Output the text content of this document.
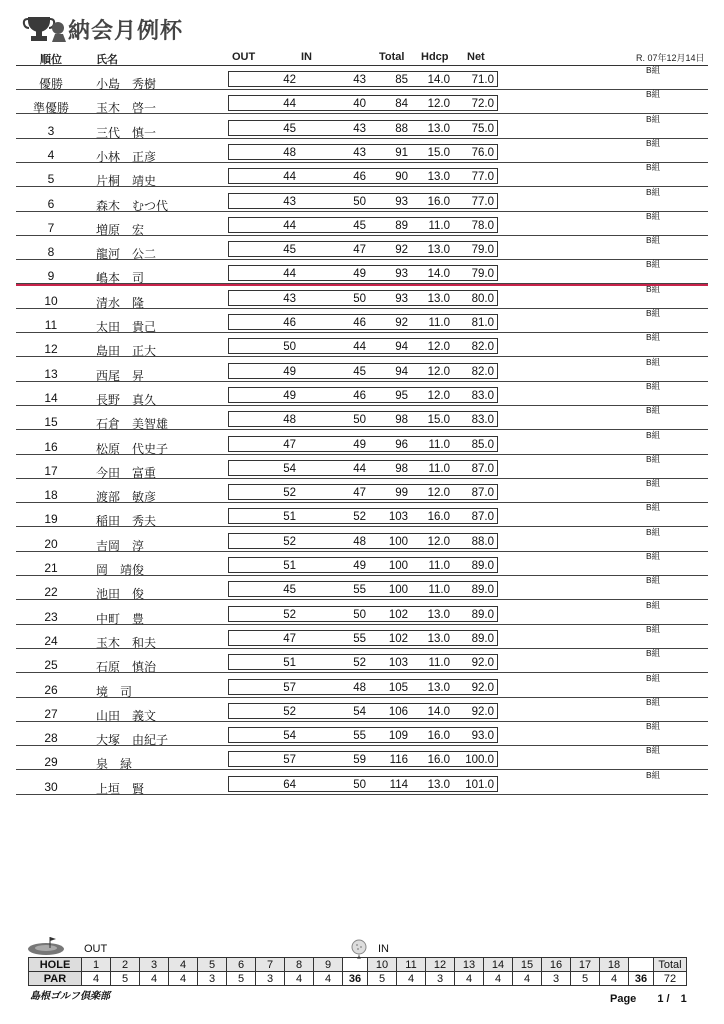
納会月例杯
順位	氏名	OUT	IN	Total Hdcp Net	R. 07年12月14日
B組
優勝	小島　秀樹	42	43	85	14.0	71.0
B組
準優勝	玉木　啓一	44	40	84	12.0	72.0
B組
3	三代　慎一	45	43	88	13.0	75.0
B組
4	小林　正彦	48	43	91	15.0	76.0
B組
5	片桐　靖史	44	46	90	13.0	77.0
B組
6	森木　むつ代	43	50	93	16.0	77.0
B組
7	増原　宏	44	45	89	11.0	78.0
B組
8	龍河　公二	45	47	92	13.0	79.0
B組
9	嶋本　司	44	49	93	14.0	79.0
B組
10	清水　隆	43	50	93	13.0	80.0
B組
11	太田　貴己	46	46	92	11.0	81.0
B組
12	島田　正大	50	44	94	12.0	82.0
B組
13	西尾　昇	49	45	94	12.0	82.0
B組
14	長野　真久	49	46	95	12.0	83.0
B組
15	石倉　美智雄	48	50	98	15.0	83.0
B組
16	松原　代史子	47	49	96	11.0	85.0
B組
17	今田　富重	54	44	98	11.0	87.0
B組
18	渡部　敏彦	52	47	99	12.0	87.0
B組
19	稲田　秀夫	51	52	103	16.0	87.0
B組
20	吉岡　淳	52	48	100	12.0	88.0
B組
21	岡　靖俊	51	49	100	11.0	89.0
B組
22	池田　俊	45	55	100	11.0	89.0
B組
23	中町　豊	52	50	102	13.0	89.0
B組
24	玉木　和夫	47	55	102	13.0	89.0
B組
25	石原　慎治	51	52	103	11.0	92.0
B組
26	境　司	57	48	105	13.0	92.0
B組
27	山田　義文	52	54	106	14.0	92.0
B組
28	大塚　由紀子	54	55	109	16.0	93.0
B組
29	泉　緑	57	59	116	16.0	100.0
B組
30	上垣　賢	64	50	114	13.0	101.0
OUT	IN
HOLE	1	2	3	4	5	6	7	8	9		10	11	12	13	14	15	16	17	18		Total
PAR	4	5	4	4	3	5	3	4	4	36	5	4	3	4	4	4	3	5	4	36	72
島根ゴルフ倶楽部	Page 1 /　1
